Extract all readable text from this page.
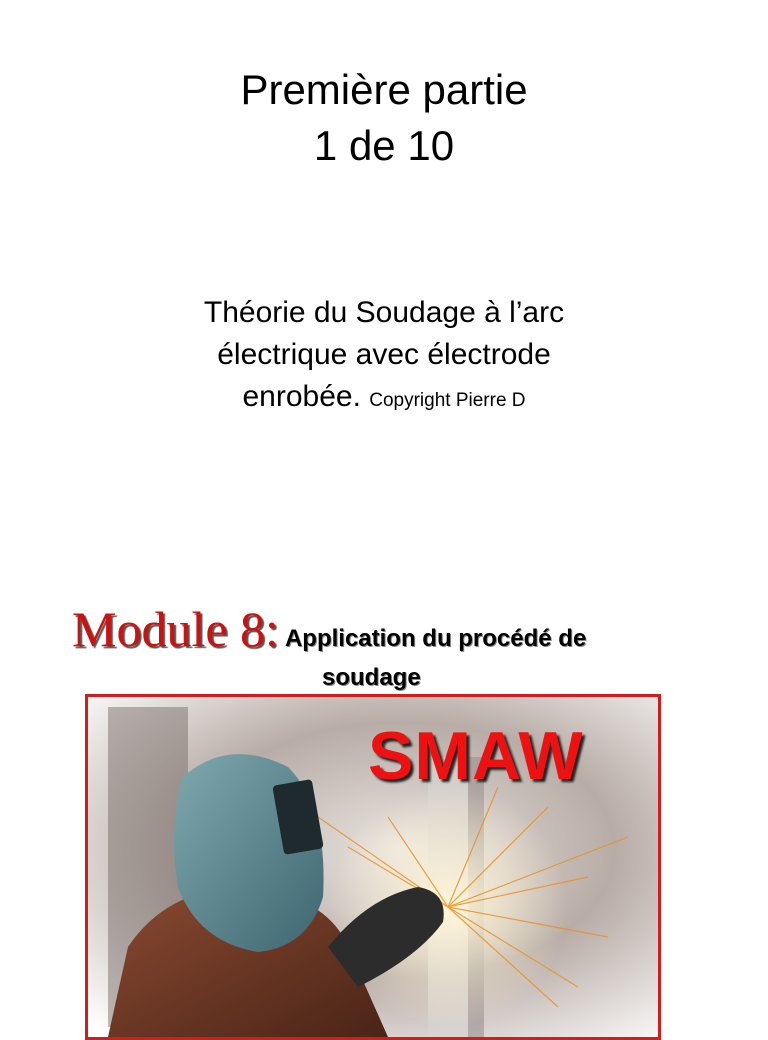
Première partie
1 de 10
Théorie du Soudage à l’arc
électrique avec électrode
enrobée. Copyright Pierre D
Module 8: Application du procédé de
soudage
SMAW
